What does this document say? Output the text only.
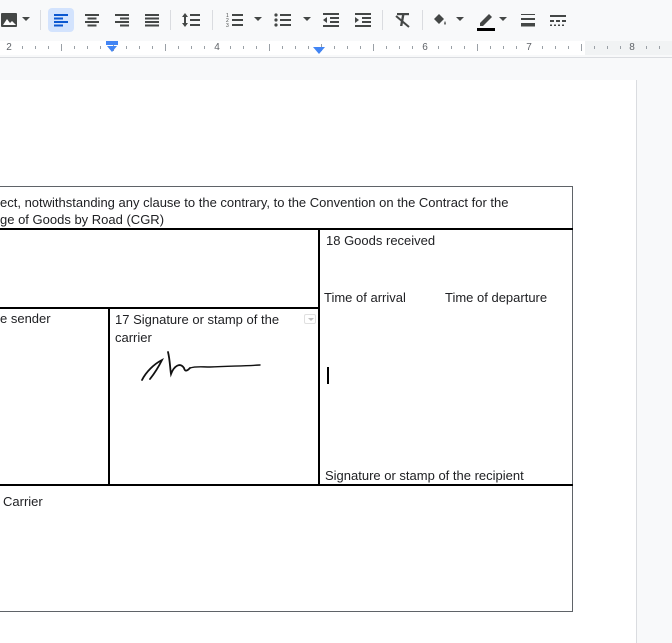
1
2
3
2	4	6	7	8
ect, notwithstanding any clause to the contrary, to the Convention on the Contract for the
ge of Goods by Road (CGR)
18 Goods received
Time of arrival	Time of departure
e sender	17 Signature or stamp of the
carrier
Signature or stamp of the recipient
Carrier
